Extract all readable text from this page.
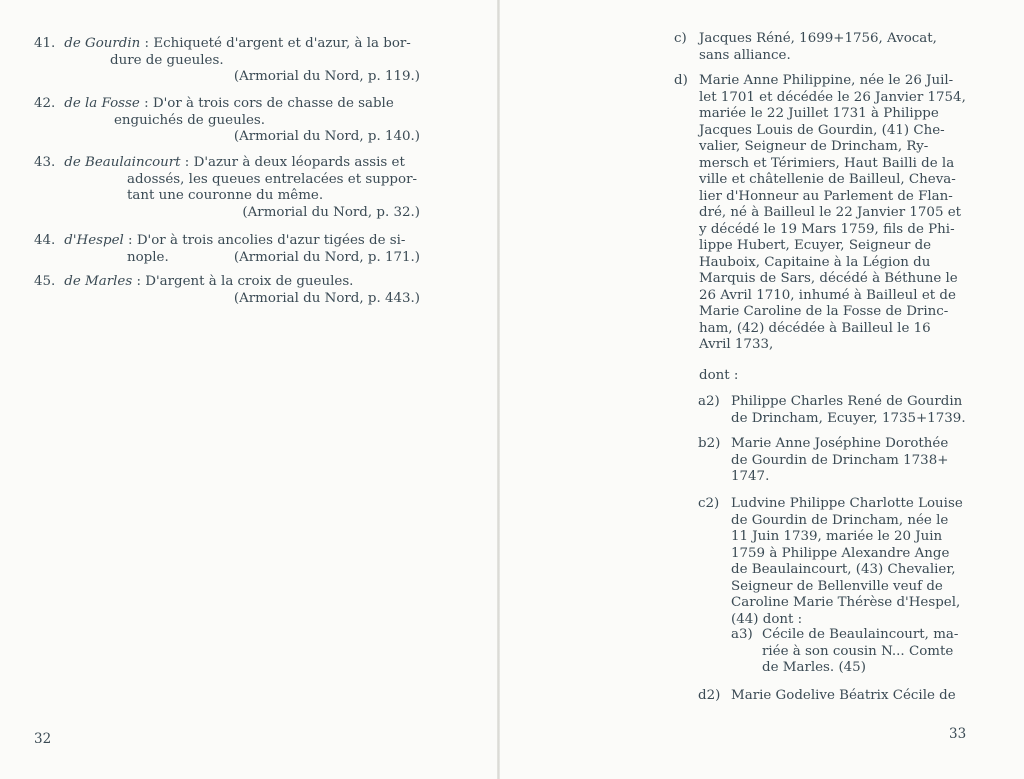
41. de Gourdin : Echiqueté d'argent et d'azur, à la bor-
dure de gueules.
(Armorial du Nord, p. 119.)
42. de la Fosse : D'or à trois cors de chasse de sable
enguichés de gueules.
(Armorial du Nord, p. 140.)
43. de Beaulaincourt : D'azur à deux léopards assis et
adossés, les queues entrelacées et suppor-
tant une couronne du même.
(Armorial du Nord, p. 32.)
44. d'Hespel : D'or à trois ancolies d'azur tigées de si-
nople.	(Armorial du Nord, p. 171.)
45. de Marles : D'argent à la croix de gueules.
(Armorial du Nord, p. 443.)
32
c) Jacques Réné, 1699+1756, Avocat,
sans alliance.
d) Marie Anne Philippine, née le 26 Juil-
let 1701 et décédée le 26 Janvier 1754,
mariée le 22 Juillet 1731 à Philippe
Jacques Louis de Gourdin, (41) Che-
valier, Seigneur de Drincham, Ry-
mersch et Térimiers, Haut Bailli de la
ville et châtellenie de Bailleul, Cheva-
lier d'Honneur au Parlement de Flan-
dré, né à Bailleul le 22 Janvier 1705 et
y décédé le 19 Mars 1759, fils de Phi-
lippe Hubert, Ecuyer, Seigneur de
Hauboix, Capitaine à la Légion du
Marquis de Sars, décédé à Béthune le
26 Avril 1710, inhumé à Bailleul et de
Marie Caroline de la Fosse de Drinc-
ham, (42) décédée à Bailleul le 16
Avril 1733,
dont :
a2) Philippe Charles René de Gourdin
de Drincham, Ecuyer, 1735+1739.
b2) Marie Anne Joséphine Dorothée
de Gourdin de Drincham 1738+
1747.
c2) Ludvine Philippe Charlotte Louise
de Gourdin de Drincham, née le
11 Juin 1739, mariée le 20 Juin
1759 à Philippe Alexandre Ange
de Beaulaincourt, (43) Chevalier,
Seigneur de Bellenville veuf de
Caroline Marie Thérèse d'Hespel,
(44) dont :
a3) Cécile de Beaulaincourt, ma-
riée à son cousin N... Comte
de Marles. (45)
d2) Marie Godelive Béatrix Cécile de
33
